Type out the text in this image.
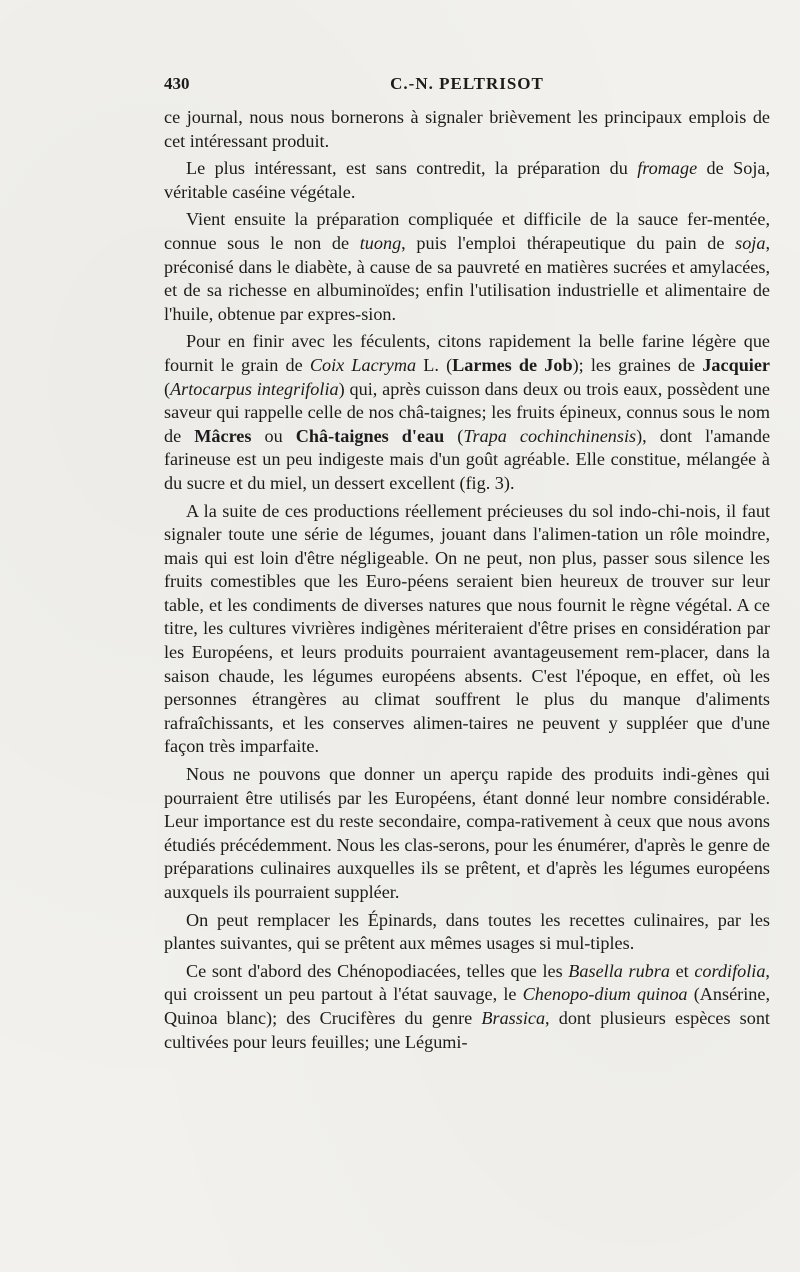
430	C.-N. PELTRISOT

ce journal, nous nous bornerons à signaler brièvement les principaux emplois de cet intéressant produit.

Le plus intéressant, est sans contredit, la préparation du fromage de Soja, véritable caséine végétale.

Vient ensuite la préparation compliquée et difficile de la sauce fer-mentée, connue sous le non de tuong, puis l'emploi thérapeutique du pain de soja, préconisé dans le diabète, à cause de sa pauvreté en matières sucrées et amylacées, et de sa richesse en albuminoïdes; enfin l'utilisation industrielle et alimentaire de l'huile, obtenue par expres-sion.

Pour en finir avec les féculents, citons rapidement la belle farine légère que fournit le grain de Coix Lacryma L. (Larmes de Job); les graines de Jacquier (Artocarpus integrifolia) qui, après cuisson dans deux ou trois eaux, possèdent une saveur qui rappelle celle de nos châ-taignes; les fruits épineux, connus sous le nom de Mâcres ou Châ-taignes d'eau (Trapa cochinchinensis), dont l'amande farineuse est un peu indigeste mais d'un goût agréable. Elle constitue, mélangée à du sucre et du miel, un dessert excellent (fig. 3).

A la suite de ces productions réellement précieuses du sol indo-chi-nois, il faut signaler toute une série de légumes, jouant dans l'alimen-tation un rôle moindre, mais qui est loin d'être négligeable. On ne peut, non plus, passer sous silence les fruits comestibles que les Euro-péens seraient bien heureux de trouver sur leur table, et les condiments de diverses natures que nous fournit le règne végétal. A ce titre, les cultures vivrières indigènes mériteraient d'être prises en considération par les Européens, et leurs produits pourraient avantageusement rem-placer, dans la saison chaude, les légumes européens absents. C'est l'époque, en effet, où les personnes étrangères au climat souffrent le plus du manque d'aliments rafraîchissants, et les conserves alimen-taires ne peuvent y suppléer que d'une façon très imparfaite.

Nous ne pouvons que donner un aperçu rapide des produits indi-gènes qui pourraient être utilisés par les Européens, étant donné leur nombre considérable. Leur importance est du reste secondaire, compa-rativement à ceux que nous avons étudiés précédemment. Nous les clas-serons, pour les énumérer, d'après le genre de préparations culinaires auxquelles ils se prêtent, et d'après les légumes européens auxquels ils pourraient suppléer.

On peut remplacer les Épinards, dans toutes les recettes culinaires, par les plantes suivantes, qui se prêtent aux mêmes usages si mul-tiples.

Ce sont d'abord des Chénopodiacées, telles que les Basella rubra et cordifolia, qui croissent un peu partout à l'état sauvage, le Chenopo-dium quinoa (Ansérine, Quinoa blanc); des Crucifères du genre Brassica, dont plusieurs espèces sont cultivées pour leurs feuilles; une Légumi-
